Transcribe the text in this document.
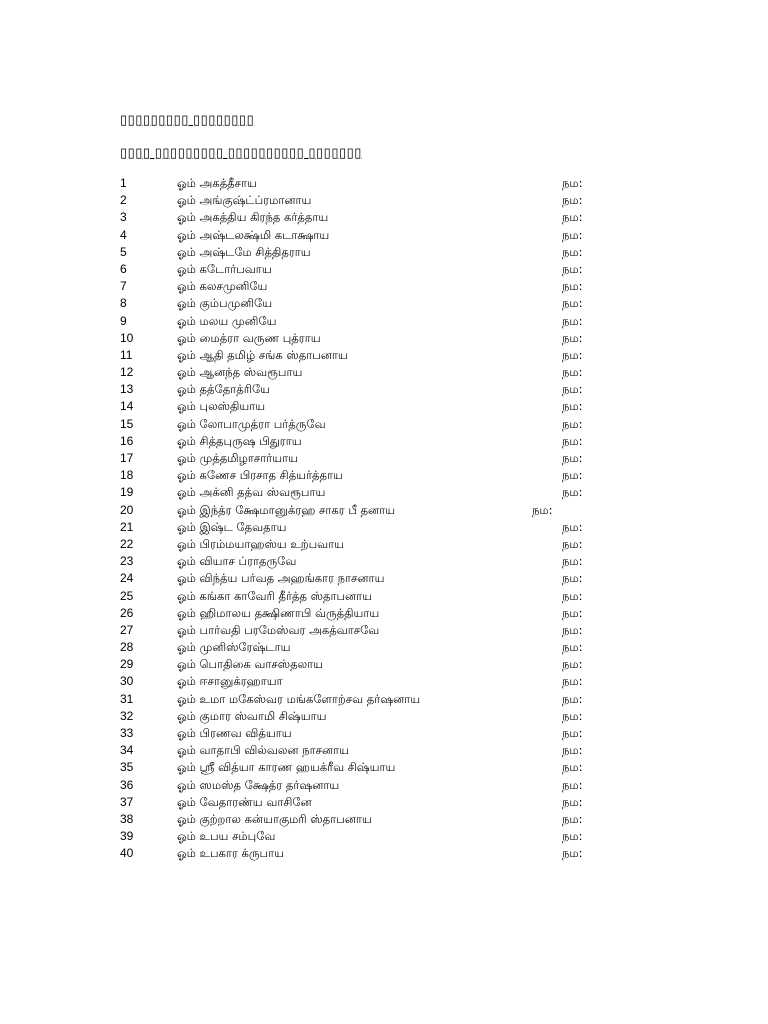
▯▯▯▯▯▯▯▯▯ ▯▯▯▯▯▯▯▯
▯▯▯▯ ▯▯▯▯▯▯▯▯▯ ▯▯▯▯▯▯▯▯▯▯ ▯▯▯▯▯▯▯
1	ஓம் அகத்தீசாய	நம:
2	ஓம் அங்குஷ்ட்ப்ரமானாய	நம:
3	ஓம் அகத்திய கிரந்த கர்த்தாய	நம:
4	ஓம் அஷ்டலக்ஷ்மி கடாக்ஷாய	நம:
5	ஓம் அஷ்டமே சித்திதராய	நம:
6	ஓம் கடோர்பவாய	நம:
7	ஓம் கலசமுனியே	நம:
8	ஓம் கும்பமுனியே	நம:
9	ஓம் மலய முனியே	நம:
10	ஓம் மைத்ரா வருண புத்ராய	நம:
11	ஓம் ஆதி தமிழ் சங்க ஸ்தாபனாய	நம:
12	ஓம் ஆனந்த ஸ்வரூபாய	நம:
13	ஓம் தத்தோத்ரியே	நம:
14	ஓம் புலஸ்தியாய	நம:
15	ஓம் லோபாமுத்ரா பர்த்ருவே	நம:
16	ஓம் சித்தபுருஷ பிதுராய	நம:
17	ஓம் முத்தமிழாசார்யாய	நம:
18	ஓம் கணேச பிரசாத சித்யர்த்தாய	நம:
19	ஓம் அக்னி தத்வ ஸ்வரூபாய	நம:
20	ஓம் இந்த்ர க்ஷேமானுக்ரஹ சாகர பீ தனாய	நம:
21	ஓம் இஷ்ட தேவதாய	நம:
22	ஓம் பிரம்மயாஹஸ்ய உற்பவாய	நம:
23	ஓம் வியாச ப்ராதருவே	நம:
24	ஓம் விந்த்ய பர்வத அஹங்கார நாசனாய	நம:
25	ஓம் கங்கா காவேரி தீர்த்த ஸ்தாபனாய	நம:
26	ஓம் ஹிமாலய தக்ஷிணாபி வ்ருத்தியாய	நம:
27	ஓம் பார்வதி பரமேஸ்வர அகத்வாசவே	நம:
28	ஓம் முனிஸ்ரேஷ்டாய	நம:
29	ஓம் பொதிகை வாசஸ்தலாய	நம:
30	ஓம் ஈசானுக்ரஹாயா	நம:
31	ஓம் உமா மகேஸ்வர மங்களோற்சவ தர்ஷனாய	நம:
32	ஓம் குமார ஸ்வாமி சிஷ்யாய	நம:
33	ஓம் பிரணவ வித்யாய	நம:
34	ஓம் வாதாபி வில்வலன நாசனாய	நம:
35	ஓம் ஸ்ரீ வித்யா காரண ஹயக்ரீவ சிஷ்யாய	நம:
36	ஓம் ஸமஸ்த க்ஷேத்ர தர்ஷனாய	நம:
37	ஓம் வேதாரண்ய வாசினே	நம:
38	ஓம் குற்றால கன்யாகுமரி ஸ்தாபனாய	நம:
39	ஓம் உபய சம்புவே	நம:
40	ஓம் உபகார க்ருபாய	நம:
